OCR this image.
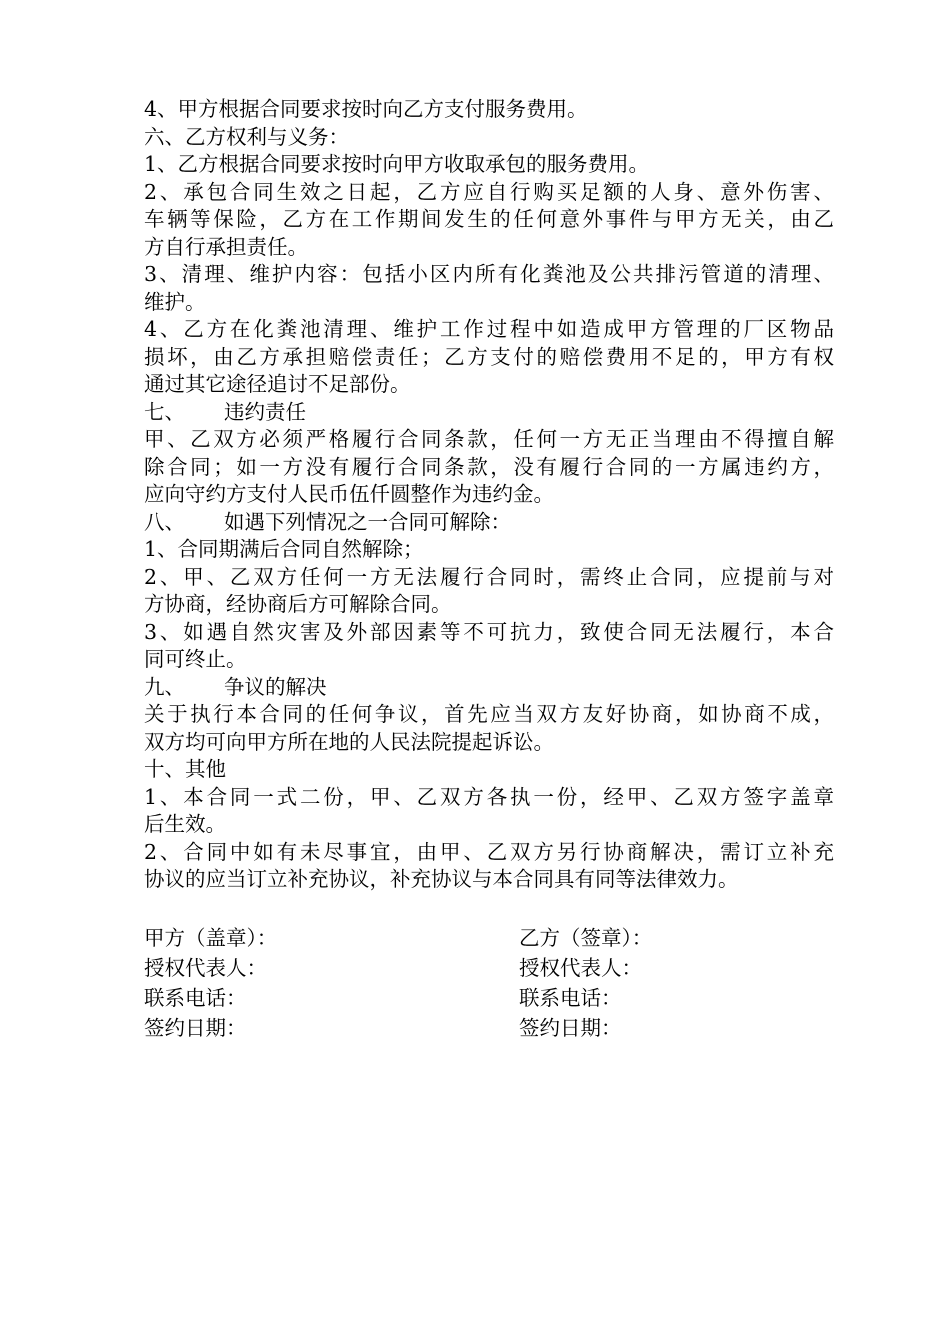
4、甲方根据合同要求按时向乙方支付服务费用。
六、乙方权利与义务：
1、乙方根据合同要求按时向甲方收取承包的服务费用。
2、承包合同生效之日起，乙方应自行购买足额的人身、意外伤害、
车辆等保险，乙方在工作期间发生的任何意外事件与甲方无关，由乙
方自行承担责任。
3、清理、维护内容：包括小区内所有化粪池及公共排污管道的清理、
维护。
4、乙方在化粪池清理、维护工作过程中如造成甲方管理的厂区物品
损坏，由乙方承担赔偿责任；乙方支付的赔偿费用不足的，甲方有权
通过其它途径追讨不足部份。
七、 违约责任
甲、乙双方必须严格履行合同条款，任何一方无正当理由不得擅自解
除合同；如一方没有履行合同条款，没有履行合同的一方属违约方，
应向守约方支付人民币伍仟圆整作为违约金。
八、 如遇下列情况之一合同可解除：
1、合同期满后合同自然解除；
2、甲、乙双方任何一方无法履行合同时，需终止合同，应提前与对
方协商，经协商后方可解除合同。
3、如遇自然灾害及外部因素等不可抗力，致使合同无法履行，本合
同可终止。
九、 争议的解决
关于执行本合同的任何争议，首先应当双方友好协商，如协商不成，
双方均可向甲方所在地的人民法院提起诉讼。
十、其他
1、本合同一式二份，甲、乙双方各执一份，经甲、乙双方签字盖章
后生效。
2、合同中如有未尽事宜，由甲、乙双方另行协商解决，需订立补充
协议的应当订立补充协议，补充协议与本合同具有同等法律效力。
甲方（盖章）：	乙方（签章）：
授权代表人：	授权代表人：
联系电话：	联系电话：
签约日期：	签约日期：
